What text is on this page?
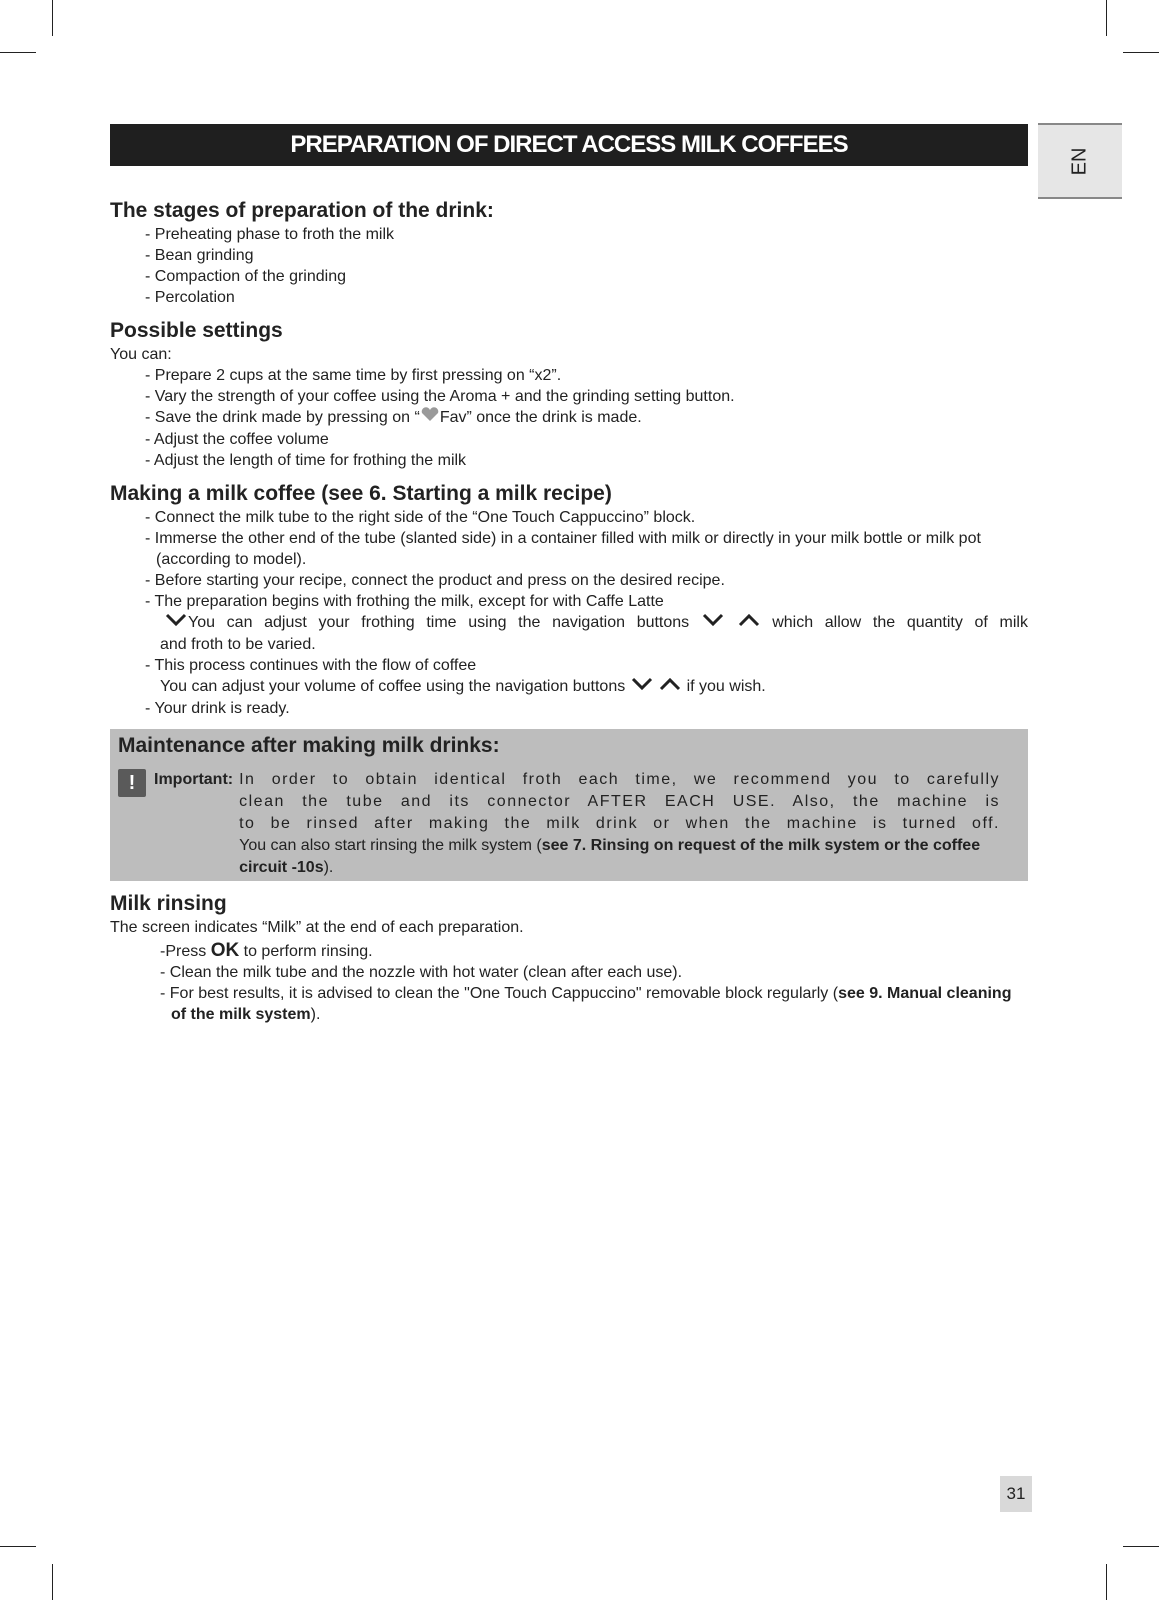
PREPARATION OF DIRECT ACCESS MILK COFFEES
EN
The stages of preparation of the drink:

- Preheating phase to froth the milk

- Bean grinding

- Compaction of the grinding

- Percolation

Possible settings

You can:

- Prepare 2 cups at the same time by first pressing on “x2”.

- Vary the strength of your coffee using the Aroma + and the grinding setting button.

- Save the drink made by pressing on “ Fav” once the drink is made.

- Adjust the coffee volume

- Adjust the length of time for frothing the milk

Making a milk coffee (see 6. Starting a milk recipe)

- Connect the milk tube to the right side of the “One Touch Cappuccino” block.

- Immerse the other end of the tube (slanted side) in a container filled with milk or directly in your milk bottle or milk pot (according to model).

- Before starting your recipe, connect the product and press on the desired recipe.

- The preparation begins with frothing the milk, except for with Caffe Latte

You can adjust your frothing time using the navigation buttons	which allow the quantity of milk

and froth to be varied.

- This process continues with the flow of coffee

You can adjust your volume of coffee using the navigation buttons	if you wish.

- Your drink is ready.

Maintenance after making milk drinks:
!	Important: In order to obtain identical froth each time, we recommend you to carefully
clean the tube and its connector AFTER EACH USE. Also, the machine is
to be rinsed after making the milk drink or when the machine is turned off.
You can also start rinsing the milk system (see 7. Rinsing on request of the milk system or the coffee circuit -10s).
Milk rinsing

The screen indicates “Milk” at the end of each preparation.

-Press OK to perform rinsing.

- Clean the milk tube and the nozzle with hot water (clean after each use).

- For best results, it is advised to clean the "One Touch Cappuccino" removable block regularly (see 9. Manual cleaning of the milk system).

31
